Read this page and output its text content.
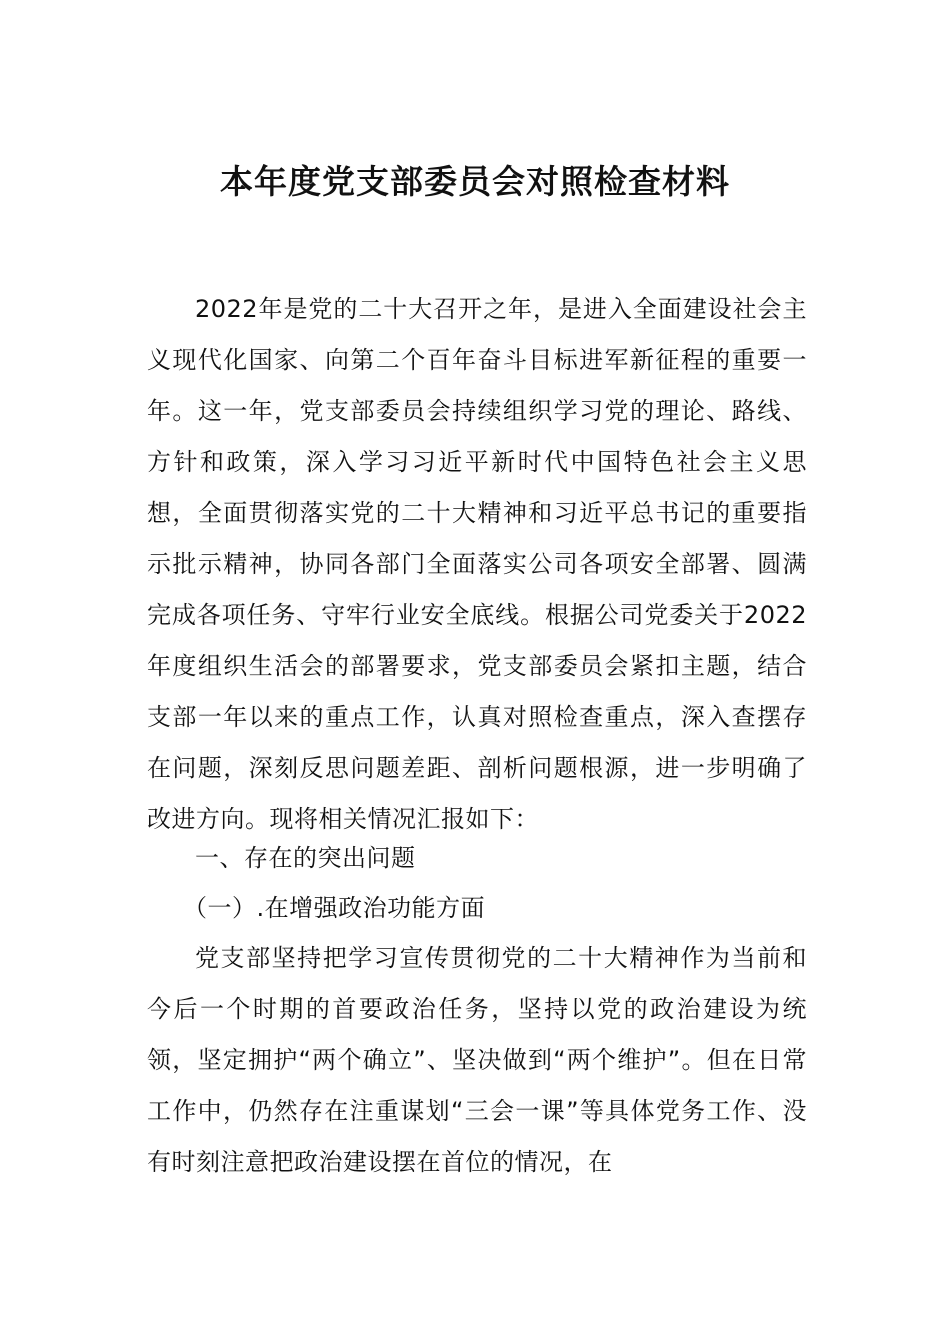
本年度党支部委员会对照检查材料

2022年是党的二十大召开之年，是进入全面建设社会主义现代化国家、向第二个百年奋斗目标进军新征程的重要一年。这一年，党支部委员会持续组织学习党的理论、路线、方针和政策，深入学习习近平新时代中国特色社会主义思想，全面贯彻落实党的二十大精神和习近平总书记的重要指示批示精神，协同各部门全面落实公司各项安全部署、圆满完成各项任务、守牢行业安全底线。根据公司党委关于2022年度组织生活会的部署要求，党支部委员会紧扣主题，结合支部一年以来的重点工作，认真对照检查重点，深入查摆存在问题，深刻反思问题差距、剖析问题根源，进一步明确了改进方向。现将相关情况汇报如下：

一、存在的突出问题

（一）.在增强政治功能方面

党支部坚持把学习宣传贯彻党的二十大精神作为当前和今后一个时期的首要政治任务，坚持以党的政治建设为统领，坚定拥护“两个确立”、坚决做到“两个维护”。但在日常工作中，仍然存在注重谋划“三会一课”等具体党务工作、没有时刻注意把政治建设摆在首位的情况，在
